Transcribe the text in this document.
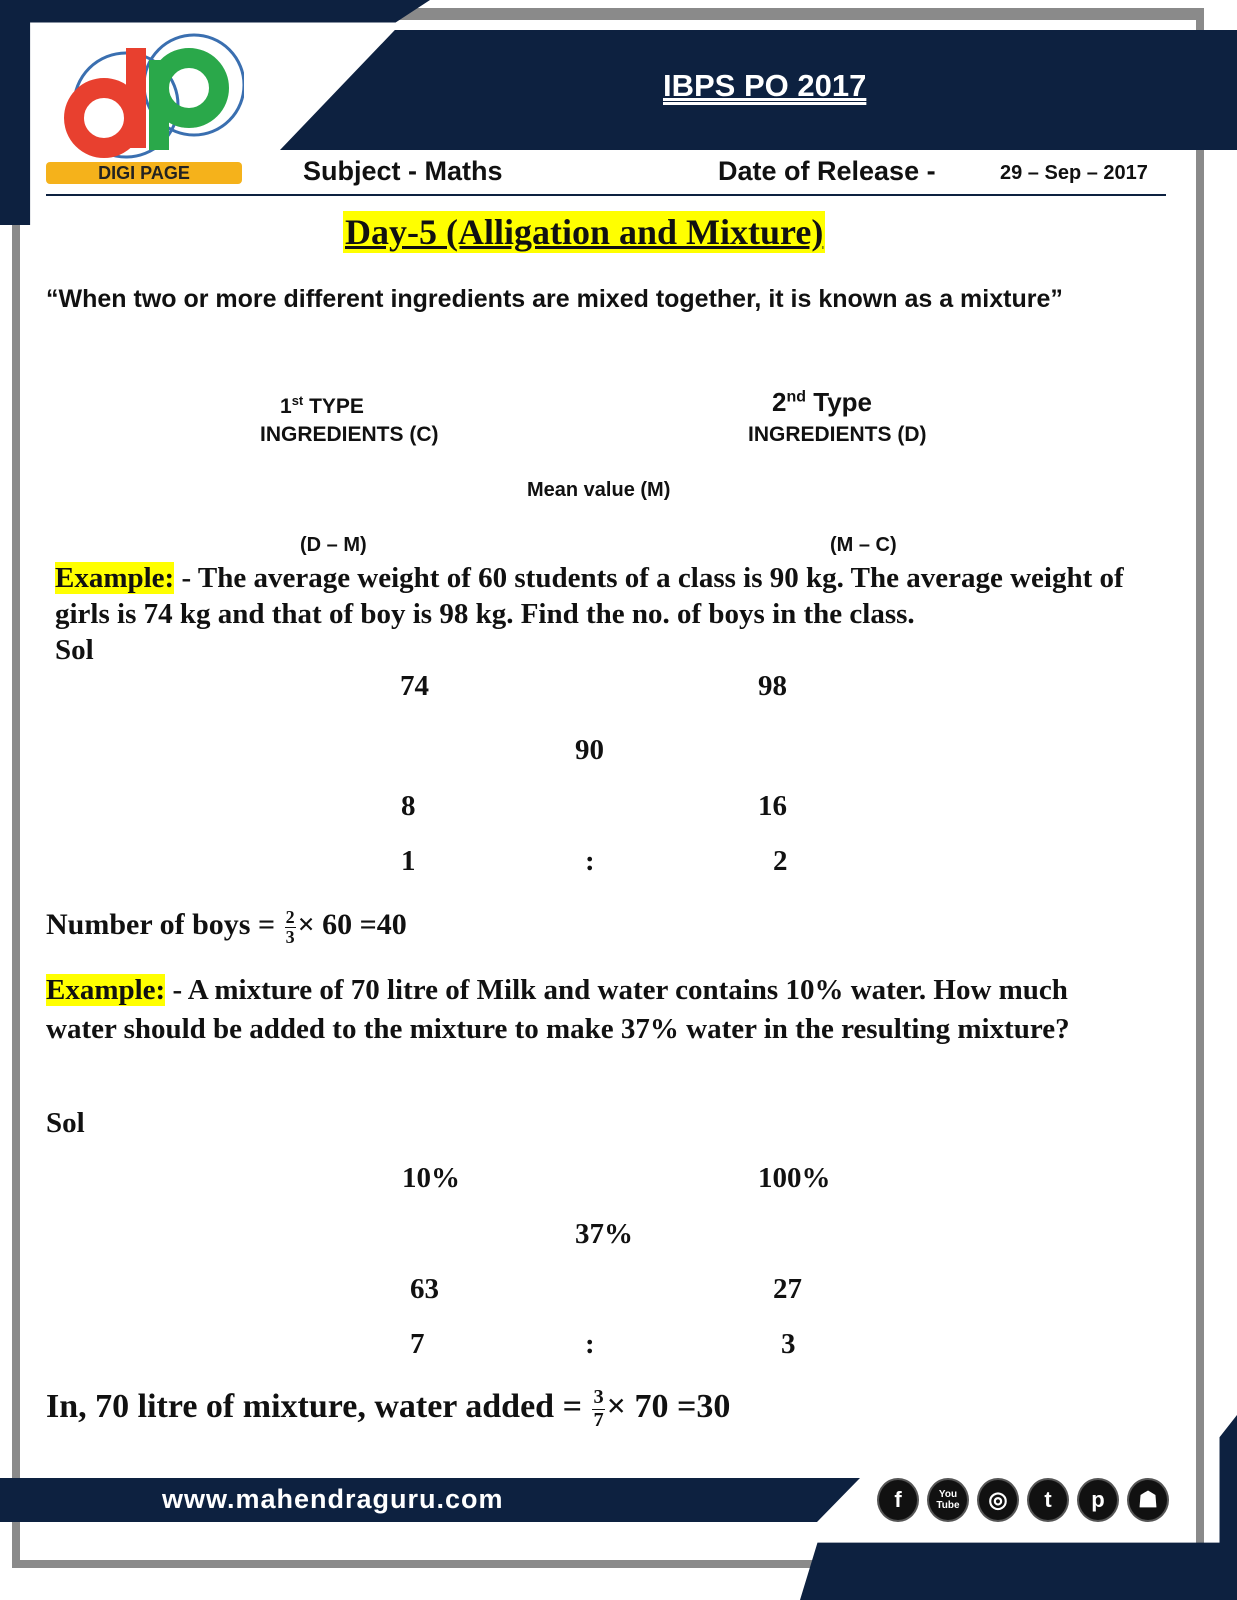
IBPS PO 2017
DIGI PAGE	Subject - Maths	Date of Release -	29 – Sep – 2017
Day-5 (Alligation and Mixture)
“When two or more different ingredients are mixed together, it is known as a mixture”
1st TYPE
INGREDIENTS (C)
2nd Type
INGREDIENTS (D)
Mean value (M)
(D – M)	(M – C)
Example: - The average weight of 60 students of a class is 90 kg. The average weight of girls is 74 kg and that of boy is 98 kg. Find the no. of boys in the class.
Sol
74	98
90
8	16
1	:	2
Number of boys = $\frac{2}{3} \times 60 =40$
Example: - A mixture of 70 litre of Milk and water contains 10% water. How much water should be added to the mixture to make 37% water in the resulting mixture?
Sol
10%	100%
37%
63	27
7	:	3
In, 70 litre of mixture, water added = $\frac{3}{7} \times 70 =30$
www.mahendraguru.com	f	You Tube	◎	t	p	☗
